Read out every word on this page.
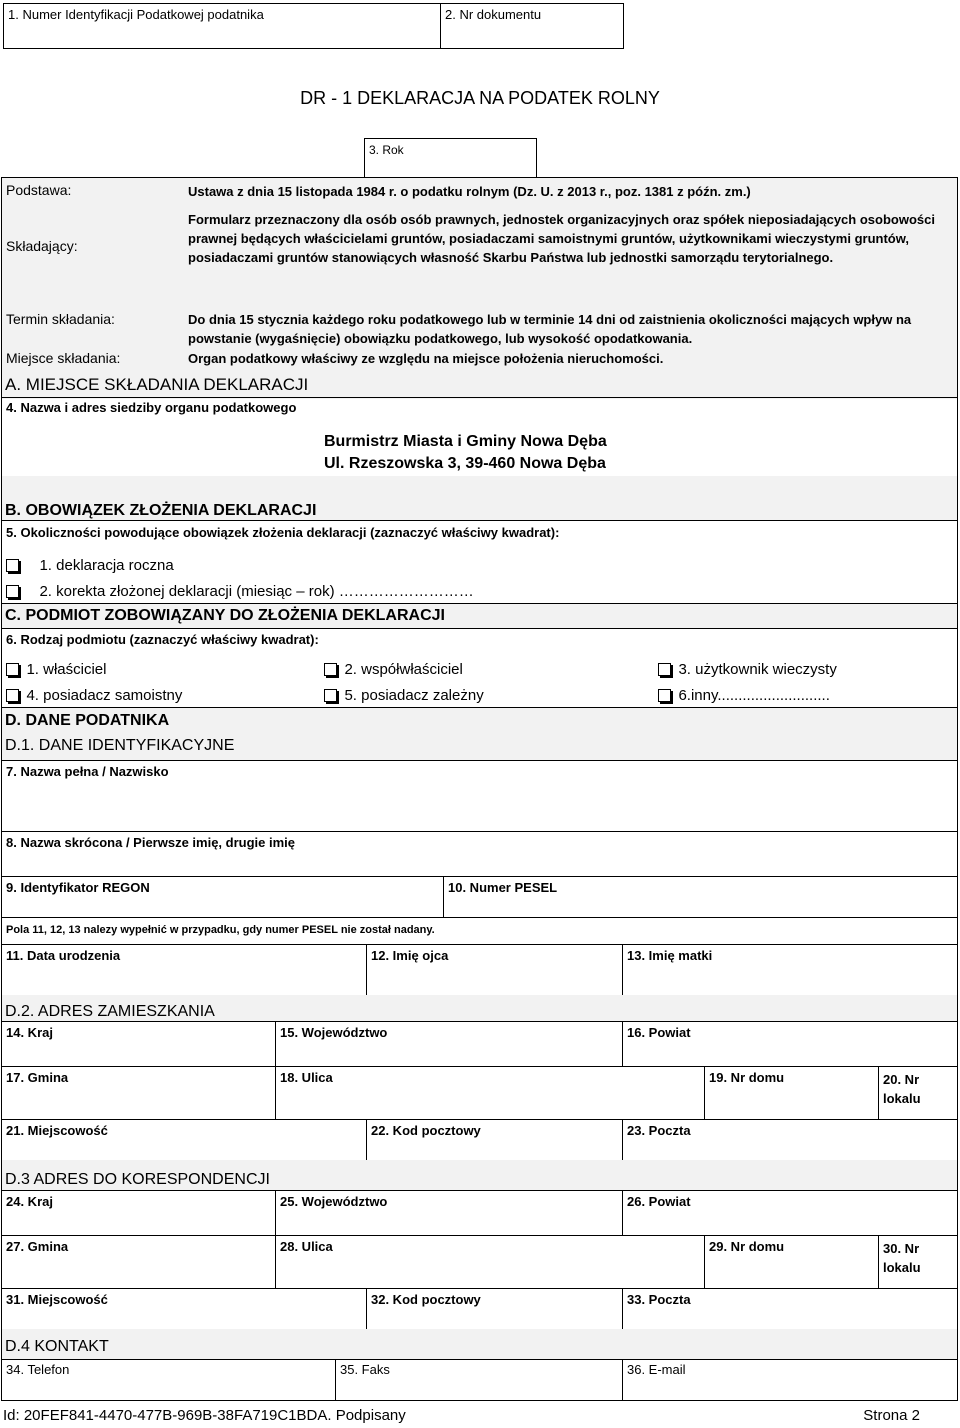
1. Numer Identyfikacji Podatkowej podatnika	2. Nr dokumentu
DR - 1 DEKLARACJA NA PODATEK ROLNY
3. Rok
Podstawa:	Ustawa z dnia 15 listopada 1984 r. o podatku rolnym (Dz. U. z 2013 r., poz. 1381 z późn. zm.)
Składający:
Formularz przeznaczony dla osób osób prawnych, jednostek organizacyjnych oraz spółek nieposiadających osobowości prawnej będących właścicielami gruntów, posiadaczami samoistnymi gruntów, użytkownikami wieczystymi gruntów, posiadaczami gruntów stanowiących własność Skarbu Państwa lub jednostki samorządu terytorialnego.
Termin składania:	Do dnia 15 stycznia każdego roku podatkowego lub w terminie 14 dni od zaistnienia okoliczności mających wpływ na powstanie (wygaśnięcie) obowiązku podatkowego, lub wysokość opodatkowania.
Miejsce składania:	Organ podatkowy właściwy ze względu na miejsce położenia nieruchomości.
A. MIEJSCE SKŁADANIA DEKLARACJI
4. Nazwa i adres siedziby organu podatkowego
Burmistrz Miasta i Gminy Nowa Dęba
Ul. Rzeszowska 3, 39-460 Nowa Dęba
B. OBOWIĄZEK ZŁOŻENIA DEKLARACJI
5. Okoliczności powodujące obowiązek złożenia deklaracji (zaznaczyć właściwy kwadrat):
1. deklaracja roczna
2. korekta złożonej deklaracji (miesiąc – rok) ………………………
C. PODMIOT ZOBOWIĄZANY DO ZŁOŻENIA DEKLARACJI
6. Rodzaj podmiotu (zaznaczyć właściwy kwadrat):
1. właściciel	2. współwłaściciel	3. użytkownik wieczysty
4. posiadacz samoistny	5. posiadacz zależny	6.inny...........................
D. DANE PODATNIKA
D.1. DANE IDENTYFIKACYJNE
7. Nazwa pełna / Nazwisko
8. Nazwa skrócona / Pierwsze imię, drugie imię
9. Identyfikator REGON	10. Numer PESEL
Pola 11, 12, 13 nalezy wypełnić w przypadku, gdy numer PESEL nie został nadany.
11. Data urodzenia	12. Imię ojca	13. Imię matki
D.2. ADRES ZAMIESZKANIA
14. Kraj	15. Województwo	16. Powiat
17. Gmina	18. Ulica	19. Nr domu	20. Nr lokalu
21. Miejscowość	22. Kod pocztowy	23. Poczta
D.3 ADRES DO KORESPONDENCJI
24. Kraj	25. Województwo	26. Powiat
27. Gmina	28. Ulica	29. Nr domu	30. Nr lokalu
31. Miejscowość	32. Kod pocztowy	33. Poczta
D.4 KONTAKT
34. Telefon	35. Faks	36. E-mail
Id: 20FEF841-4470-477B-969B-38FA719C1BDA. Podpisany	Strona 2
